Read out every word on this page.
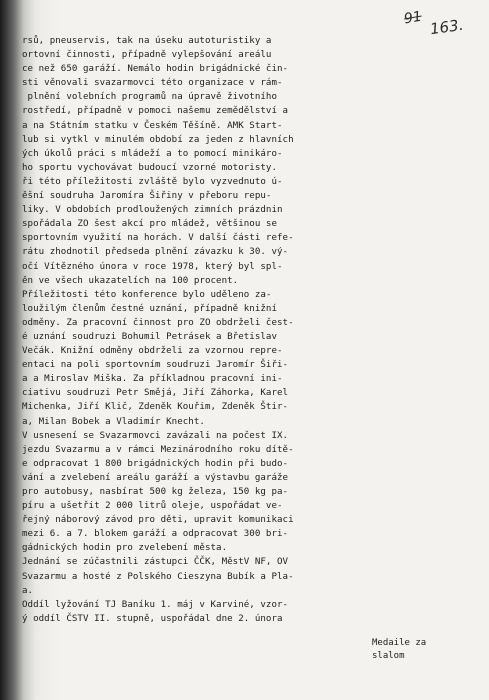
91 163.
rsů, pneuservis, tak na úseku autoturistiky a
ortovní činnosti, případně vylepšování areálu
ce než 650 garáží. Nemálo hodin brigádnické čin-
sti věnovali svazarmovci této organizace v rám-
plnění volebních programů na úpravě životního
rostředí, případně v pomoci našemu zemědělství a
a na Státním statku v Českém Těšíně. AMK Start-
lub si vytkl v minulém období za jeden z hlavních
ých úkolů práci s mládeží a to pomocí minikáro-
ho sportu vychovávat budoucí vzorné motoristy.
ři této příležitosti zvláště bylo vyzvednuto ú-
ěšní soudruha Jaromíra Šiřiny v přeboru repu-
liky. V obdobích prodloužených zimních prázdnin
spořádala ZO šest akcí pro mládež, většinou se
sportovním využití na horách. V další části refe-
rátu zhodnotil předseda plnění závazku k 30. vý-
očí Vítězného února v roce 1978, který byl spl-
ěn ve všech ukazatelích na 100 procent.
Příležitosti této konference bylo uděleno za-
loužilým členům čestné uznání, případně knižní
odměny. Za pracovní činnost pro ZO obdrželi čest-
é uznání soudruzi Bohumil Petrásek a Břetislav
Večák. Knižní odměny obdrželi za vzornou repre-
entaci na poli sportovním soudruzi Jaromír Šiři-
a a Miroslav Miška. Za příkladnou pracovní ini-
ciativu soudruzi Petr Smějá, Jiří Záhorka, Karel
Michenka, Jiří Klič, Zdeněk Kouřim, Zdeněk Štir-
a, Milan Bobek a Vladimír Knecht.
V usnesení se Svazarmovci zavázali na počest IX.
jezdu Svazarmu a v rámci Mezinárodního roku dítě-
e odpracovat 1 800 brigádnických hodin při budo-
vání a zvelebení areálu garáží a výstavbu garáže
pro autobusy, nasbírat 500 kg železa, 150 kg pa-
píru a ušetřit 2 000 litrů oleje, uspořádat ve-
řejný náborový závod pro děti, upravit komunikaci
mezi 6. a 7. blokem garáží a odpracovat 300 bri-
gádnických hodin pro zvelebení města.
Jednání se zúčastnili zástupci ČČK, MěstV NF, OV
Svazarmu a hosté z Polského Cieszyna Bubík a Pla-
a.
Oddíl lyžování TJ Baníku 1. máj v Karviné, vzor-
ý oddíl ČSTV II. stupně, uspořádal dne 2. února
Medaile za
slalom
